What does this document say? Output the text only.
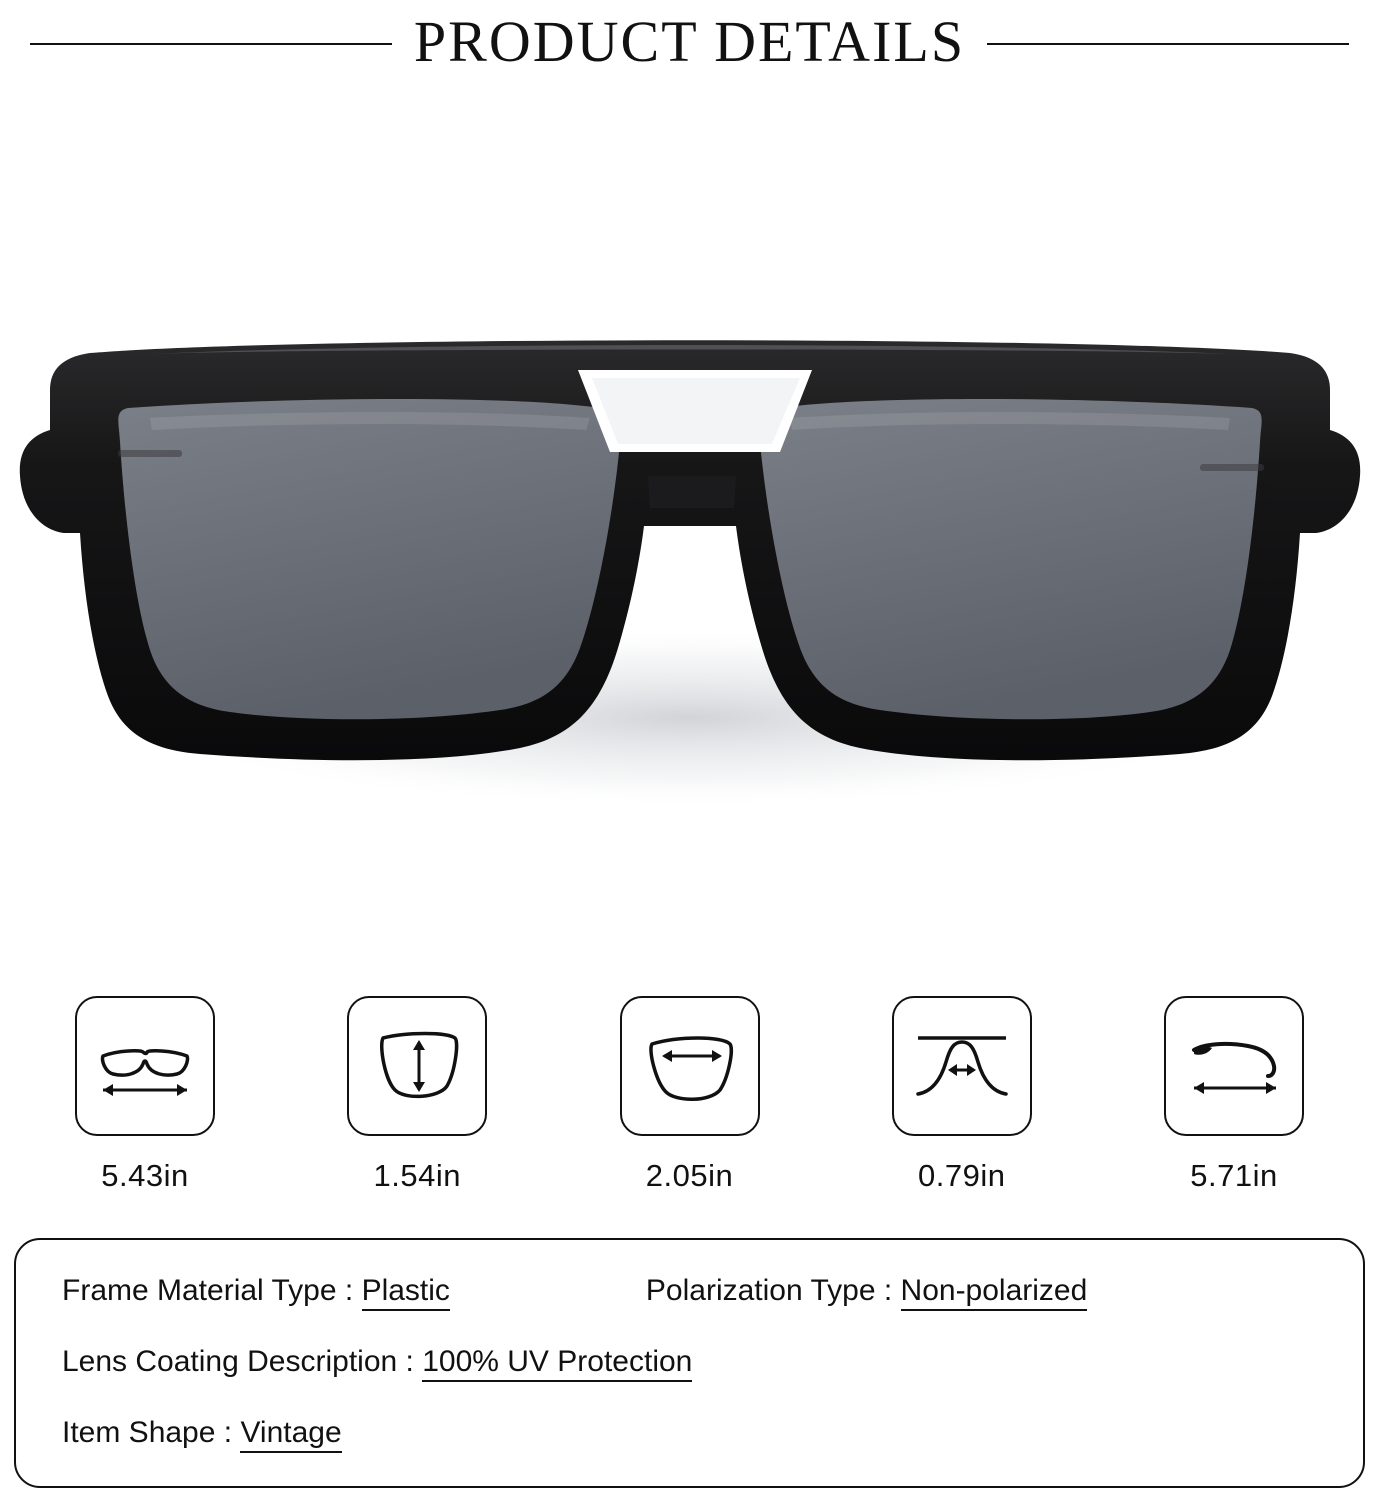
PRODUCT DETAILS
5.43in	1.54in	2.05in	0.79in	5.71in
Frame Material Type : Plastic	Polarization Type : Non-polarized
Lens Coating Description : 100% UV Protection
Item Shape : Vintage
